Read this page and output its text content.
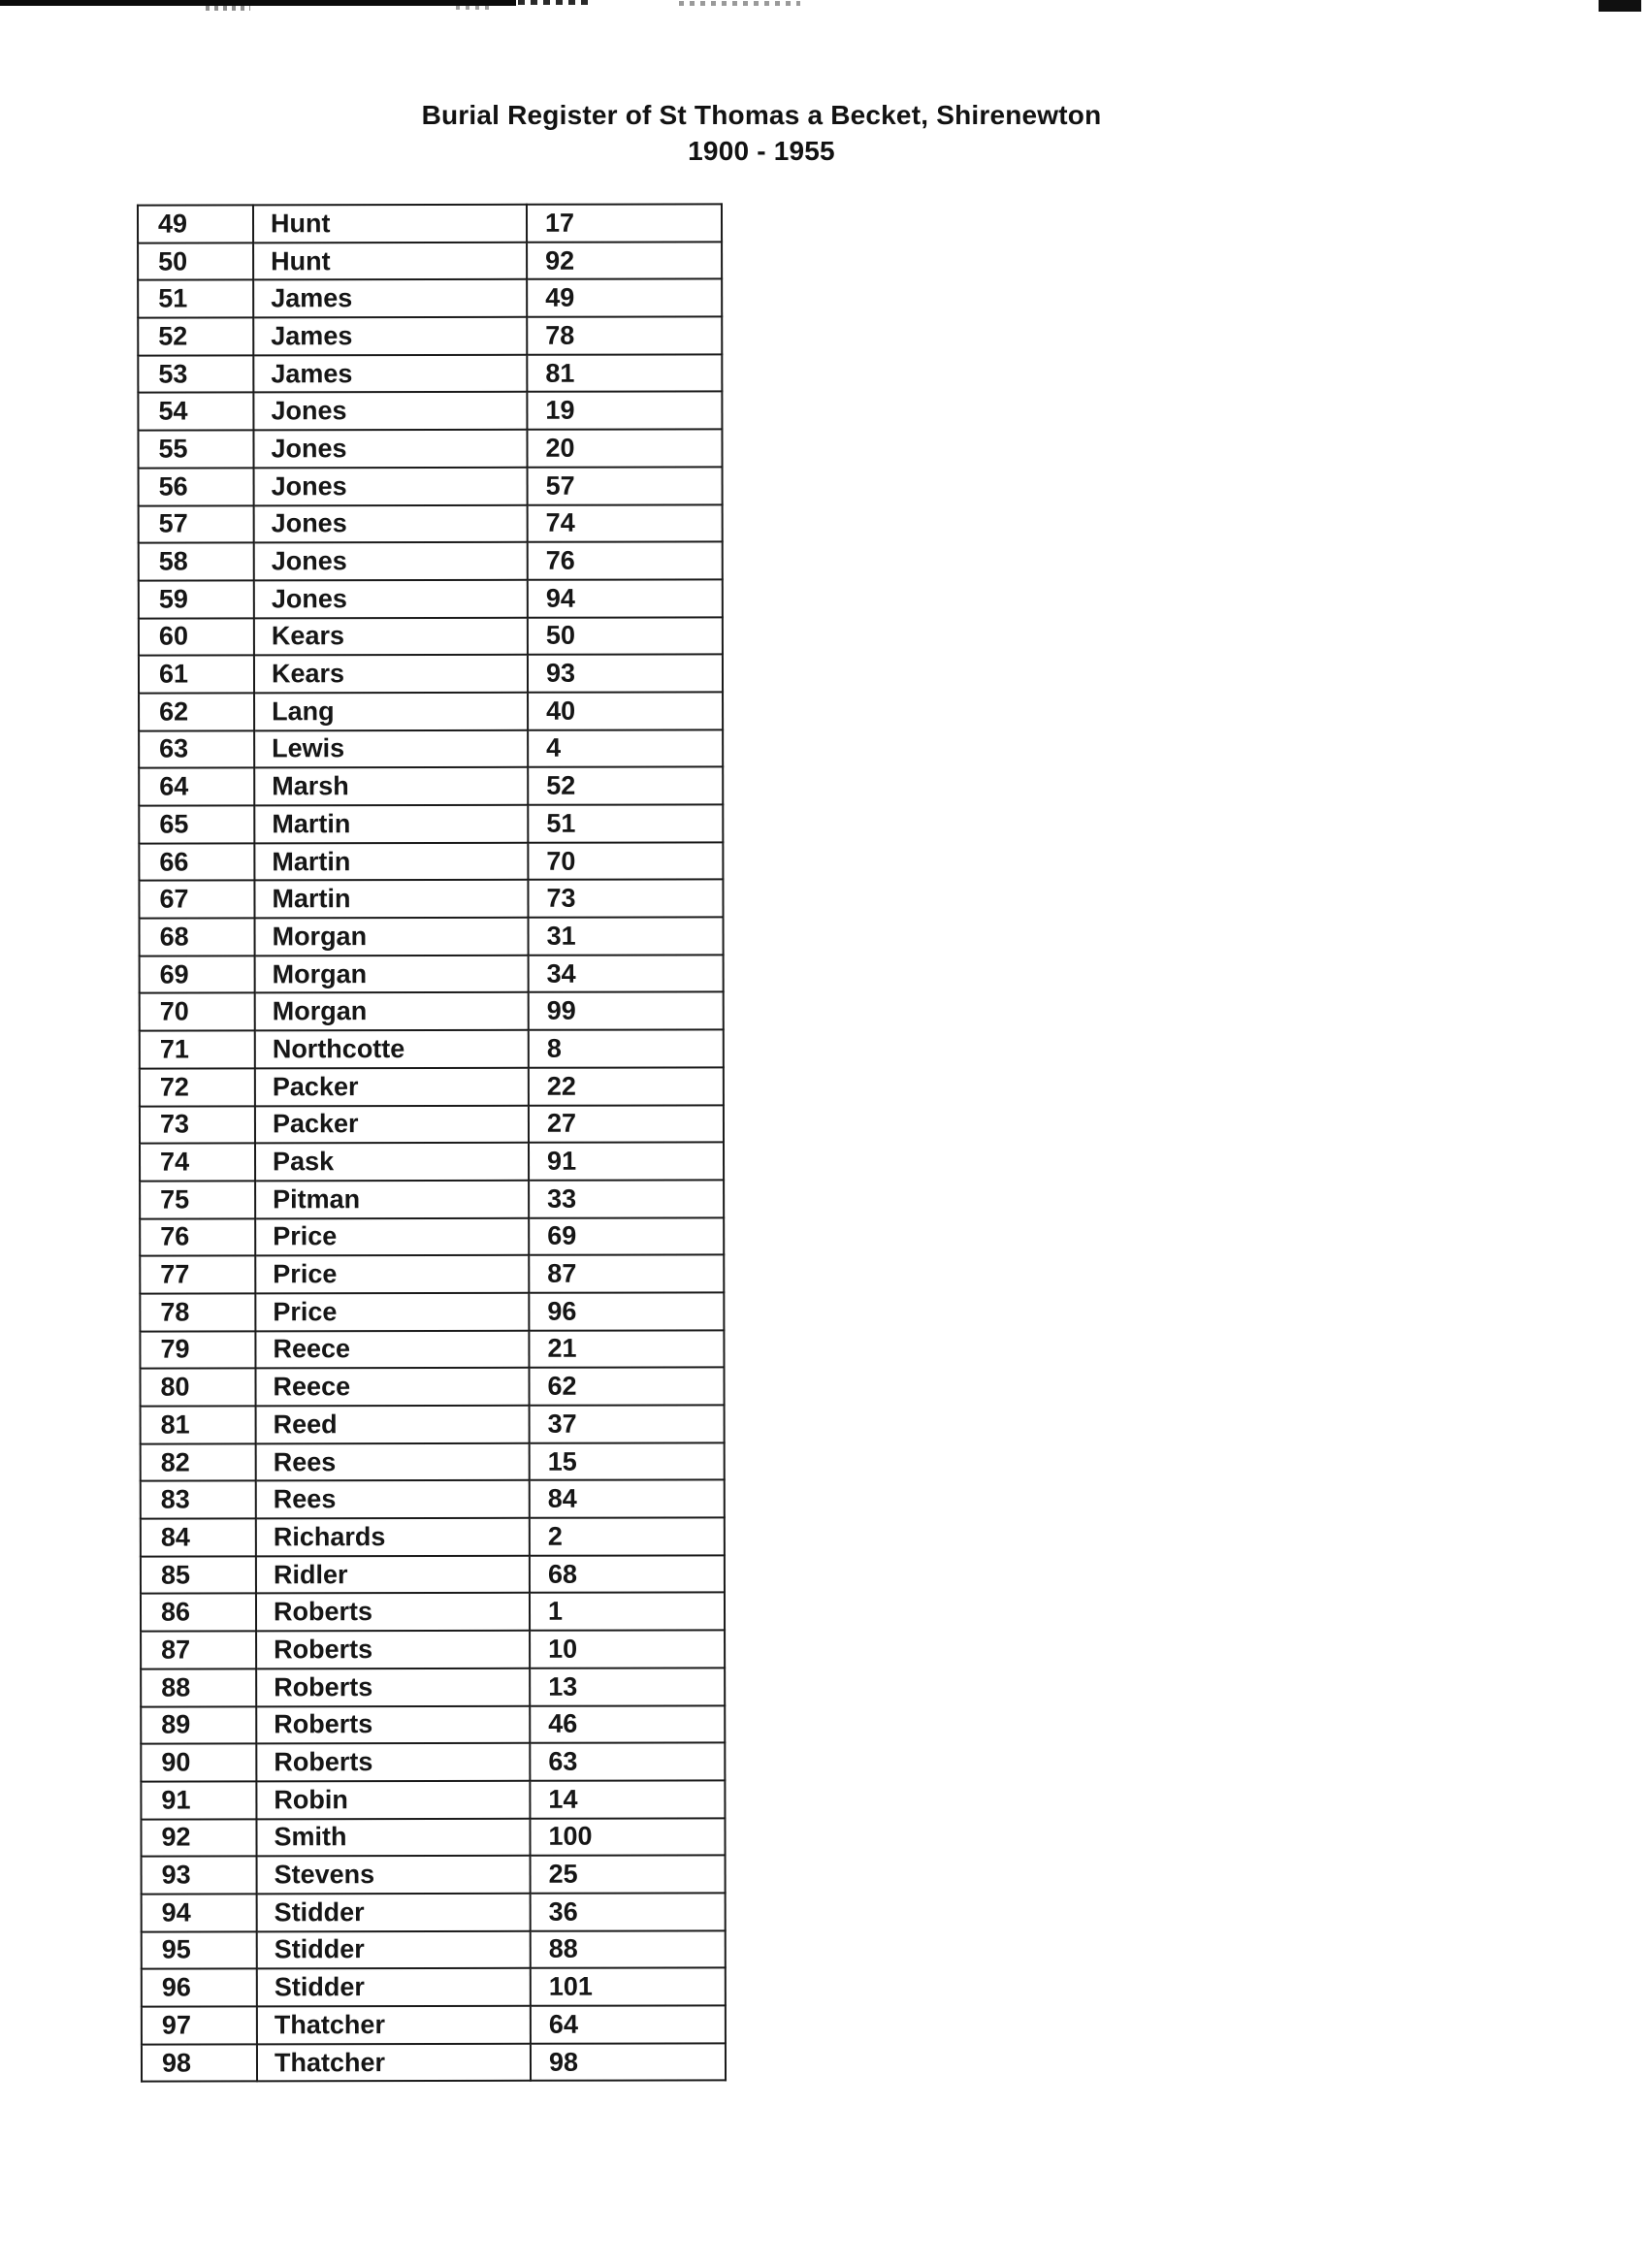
Burial Register of St Thomas a Becket, Shirenewton
1900 - 1955
49	Hunt	17
50	Hunt	92
51	James	49
52	James	78
53	James	81
54	Jones	19
55	Jones	20
56	Jones	57
57	Jones	74
58	Jones	76
59	Jones	94
60	Kears	50
61	Kears	93
62	Lang	40
63	Lewis	4
64	Marsh	52
65	Martin	51
66	Martin	70
67	Martin	73
68	Morgan	31
69	Morgan	34
70	Morgan	99
71	Northcotte	8
72	Packer	22
73	Packer	27
74	Pask	91
75	Pitman	33
76	Price	69
77	Price	87
78	Price	96
79	Reece	21
80	Reece	62
81	Reed	37
82	Rees	15
83	Rees	84
84	Richards	2
85	Ridler	68
86	Roberts	1
87	Roberts	10
88	Roberts	13
89	Roberts	46
90	Roberts	63
91	Robin	14
92	Smith	100
93	Stevens	25
94	Stidder	36
95	Stidder	88
96	Stidder	101
97	Thatcher	64
98	Thatcher	98
